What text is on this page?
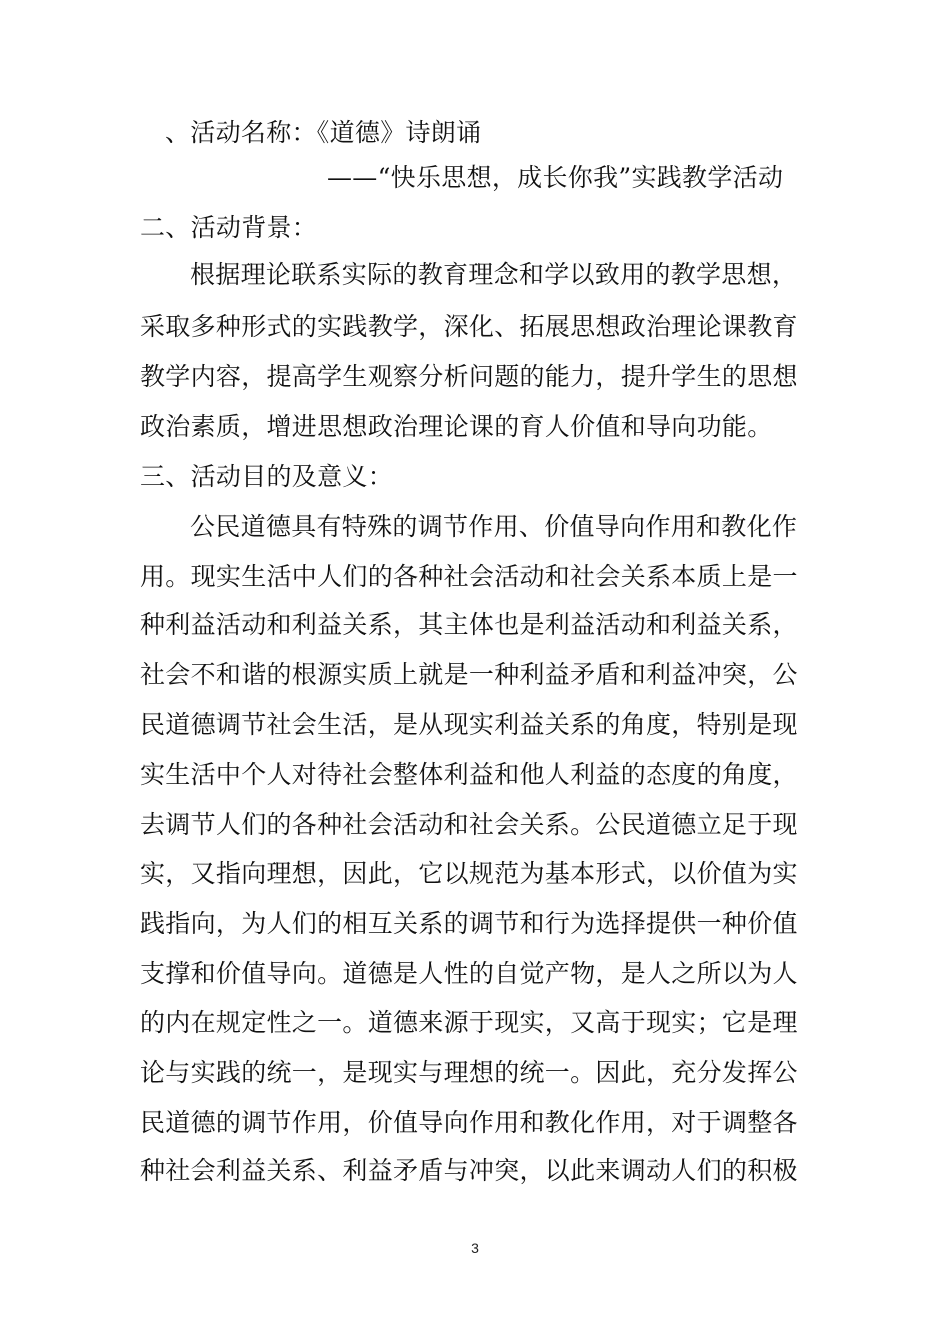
、活动名称：《道德》诗朗诵
——“快乐思想，成长你我”实践教学活动
二、活动背景：
根据理论联系实际的教育理念和学以致用的教学思想，
采取多种形式的实践教学，深化、拓展思想政治理论课教育
教学内容，提高学生观察分析问题的能力，提升学生的思想
政治素质，增进思想政治理论课的育人价值和导向功能。
三、活动目的及意义：
公民道德具有特殊的调节作用、价值导向作用和教化作
用。现实生活中人们的各种社会活动和社会关系本质上是一
种利益活动和利益关系，其主体也是利益活动和利益关系，
社会不和谐的根源实质上就是一种利益矛盾和利益冲突，公
民道德调节社会生活，是从现实利益关系的角度，特别是现
实生活中个人对待社会整体利益和他人利益的态度的角度，
去调节人们的各种社会活动和社会关系。公民道德立足于现
实，又指向理想，因此，它以规范为基本形式，以价值为实
践指向，为人们的相互关系的调节和行为选择提供一种价值
支撑和价值导向。道德是人性的自觉产物，是人之所以为人
的内在规定性之一。道德来源于现实，又高于现实；它是理
论与实践的统一，是现实与理想的统一。因此，充分发挥公
民道德的调节作用，价值导向作用和教化作用，对于调整各
种社会利益关系、利益矛盾与冲突，以此来调动人们的积极
3
